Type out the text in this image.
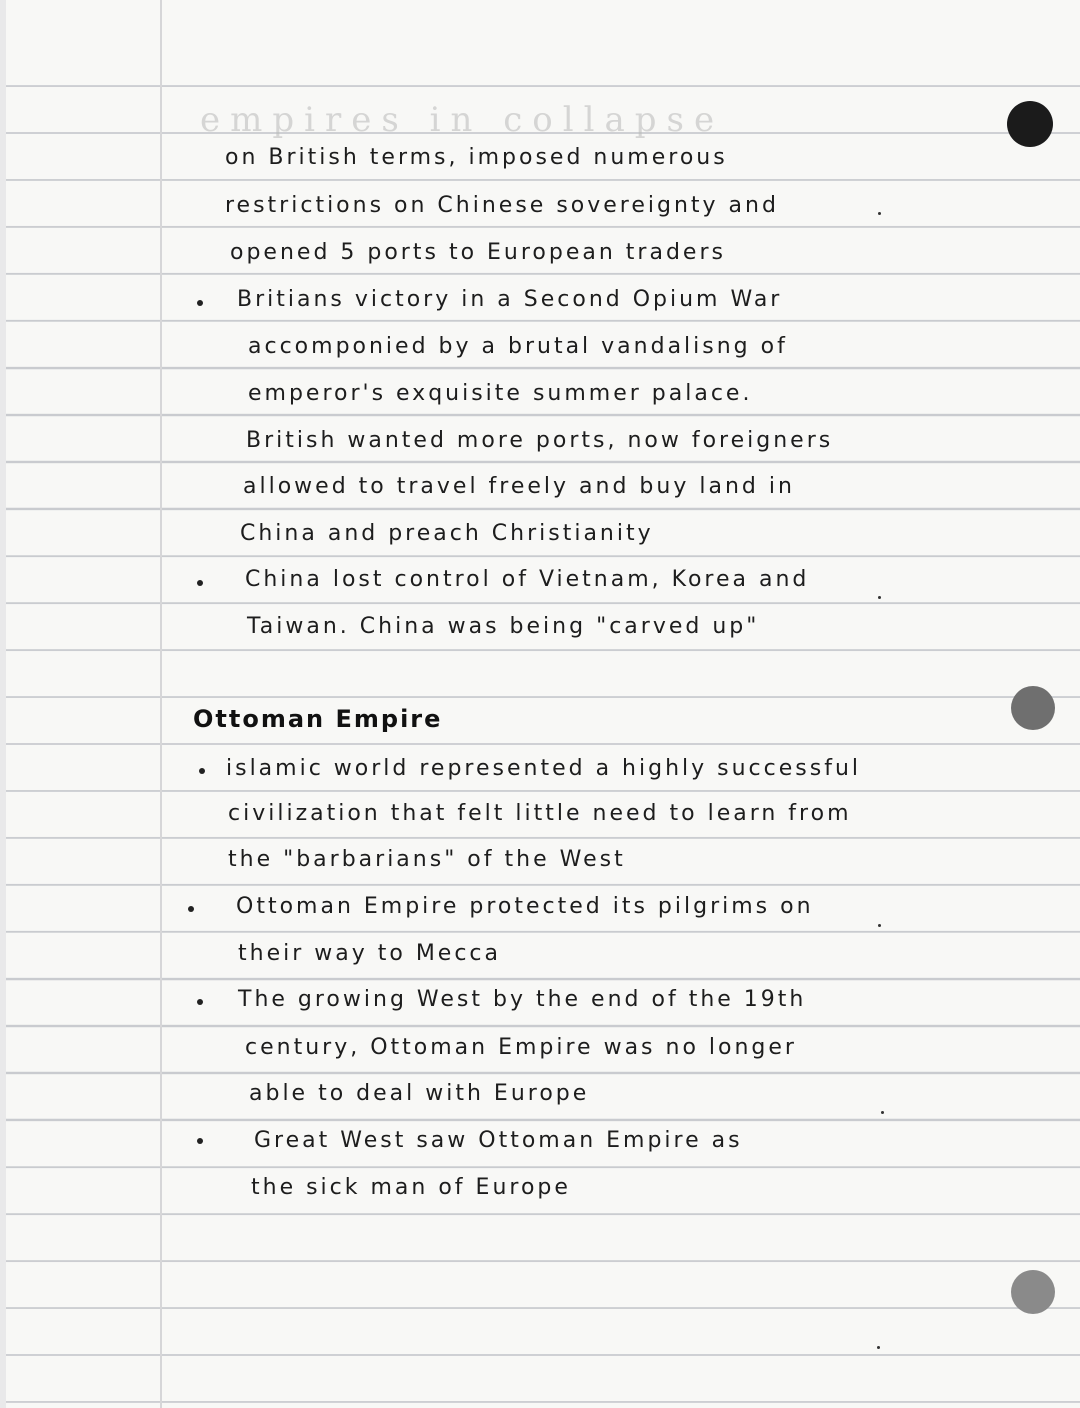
empires in collapse
on British terms, imposed numerous
restrictions on Chinese sovereignty and
opened 5 ports to European traders
Britians victory in a Second Opium War
accomponied by a brutal vandalisng of
emperor's exquisite summer palace.
British wanted more ports, now foreigners
allowed to travel freely and buy land in
China and preach Christianity
China lost control of Vietnam, Korea and
Taiwan. China was being "carved up"
Ottoman Empire
islamic world represented a highly successful
civilization that felt little need to learn from
the "barbarians" of the West
Ottoman Empire protected its pilgrims on
their way to Mecca
The growing West by the end of the 19th
century, Ottoman Empire was no longer
able to deal with Europe
Great West saw Ottoman Empire as
the sick man of Europe
